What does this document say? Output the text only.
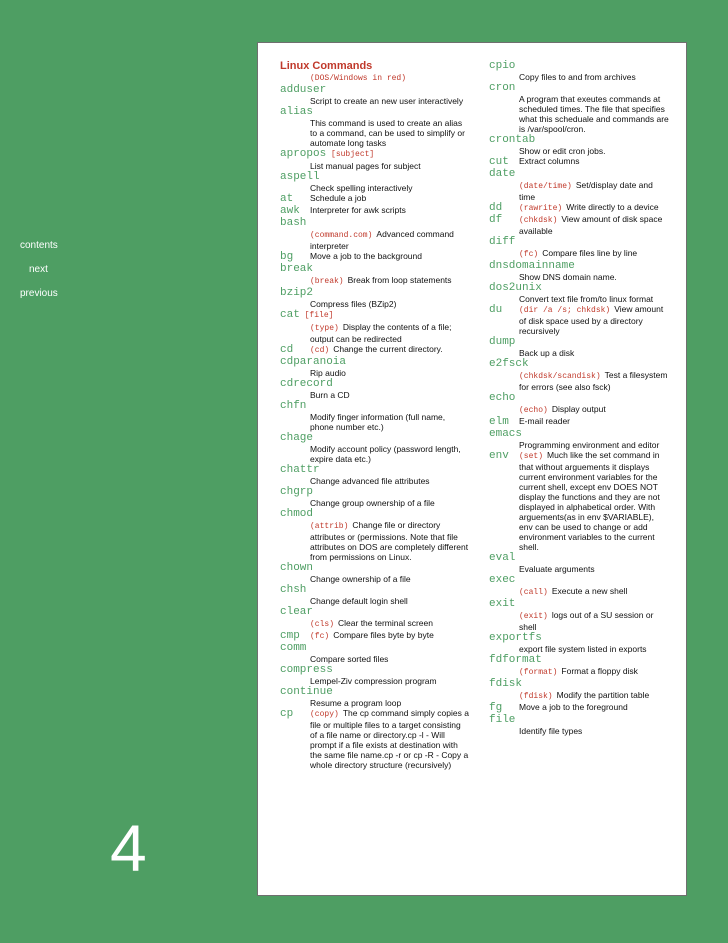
contents
next
previous
4
Linux Commands
(DOS/Windows in red)
adduser
Script to create an new user interactively
alias
This command is used to create an alias to a command, can be used to simplify or automate long tasks
apropos [subject]
List manual pages for subject
aspell
Check spelling interactively
at	Schedule a job
awk	Interpreter for awk scripts
bash
(command.com) Advanced command interpreter
bg	Move a job to the background
break
(break) Break from loop statements
bzip2
Compress files (BZip2)
cat [file]
(type) Display the contents of a file; output can be redirected
cd	(cd) Change the current directory.
cdparanoia
Rip audio
cdrecord
Burn a CD
chfn
Modify finger information (full name, phone number etc.)
chage
Modify account policy (password length, expire data etc.)
chattr
Change advanced file attributes
chgrp
Change group ownership of a file
chmod
(attrib) Change file or directory attributes or (permissions. Note that file attributes on DOS are completely different from permissions on Linux.
chown
Change ownership of a file
chsh
Change default login shell
clear
(cls) Clear the terminal screen
cmp	(fc) Compare files byte by byte
comm
Compare sorted files
compress
Lempel-Ziv compression program
continue
Resume a program loop
cp	(copy) The cp command simply copies a file or multiple files to a target consisting of a file name or directory.cp -l - Will prompt if a file exists at destination with the same file name.cp -r or cp -R - Copy a whole directory structure (recursively)
cpio
Copy files to and from archives
cron
A program that exeutes commands at scheduled times. The file that specifies what this scheduale and commands are is /var/spool/cron.
crontab
Show or edit cron jobs.
cut	Extract columns
date
(date/time) Set/display date and time
dd	(rawrite) Write directly to a device
df	(chkdsk) View amount of disk space available
diff
(fc) Compare files line by line
dnsdomainname
Show DNS domain name.
dos2unix
Convert text file from/to linux format
du	(dir /a /s; chkdsk) View amount of disk space used by a directory recursively
dump
Back up a disk
e2fsck
(chkdsk/scandisk) Test a filesystem for errors (see also fsck)
echo
(echo) Display output
elm	E-mail reader
emacs
Programming environment and editor
env	(set) Much like the set command in that without arguements it displays current environment variables for the current shell, except env DOES NOT display the functions and they are not displayed in alphabetical order. With arguements(as in env $VARIABLE), env can be used to change or add environment variables to the current shell.
eval
Evaluate arguments
exec
(call) Execute a new shell
exit
(exit) logs out of a SU session or shell
exportfs
export file system listed in exports
fdformat
(format) Format a floppy disk
fdisk
(fdisk) Modify the partition table
fg	Move a job to the foreground
file
Identify file types
